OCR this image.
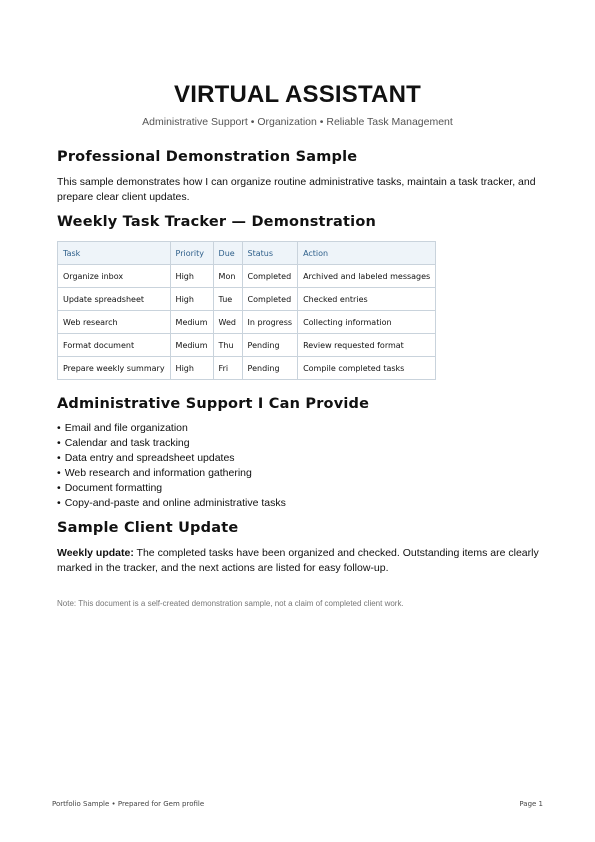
VIRTUAL ASSISTANT
Administrative Support • Organization • Reliable Task Management
Professional Demonstration Sample

This sample demonstrates how I can organize routine administrative tasks, maintain a task tracker, and prepare clear client updates.

Weekly Task Tracker — Demonstration
Task	Priority	Due	Status	Action
Organize inbox	High	Mon	Completed	Archived and labeled messages
Update spreadsheet	High	Tue	Completed	Checked entries
Web research	Medium	Wed	In progress	Collecting information
Format document	Medium	Thu	Pending	Review requested format
Prepare weekly summary	High	Fri	Pending	Compile completed tasks
Administrative Support I Can Provide
• Email and file organization
• Calendar and task tracking
• Data entry and spreadsheet updates
• Web research and information gathering
• Document formatting
• Copy-and-paste and online administrative tasks
Sample Client Update

Weekly update: The completed tasks have been organized and checked. Outstanding items are clearly marked in the tracker, and the next actions are listed for easy follow-up.

Note: This document is a self-created demonstration sample, not a claim of completed client work.
Portfolio Sample • Prepared for Gem profile	Page 1
